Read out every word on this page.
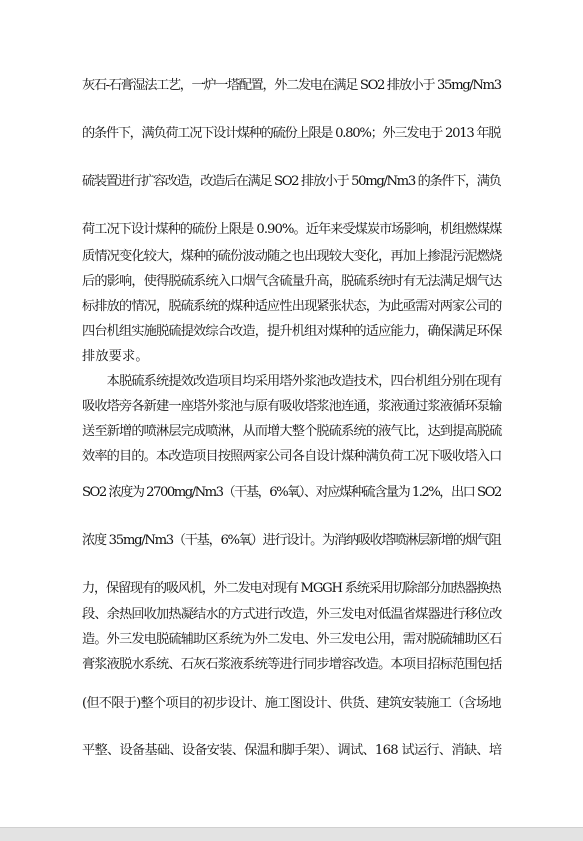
灰石-石膏湿法工艺，一炉一塔配置，外二发电在满足 SO2 排放小于 35mg/Nm3
的条件下，满负荷工况下设计煤种的硫份上限是 0.80%；外三发电于 2013 年脱
硫装置进行扩容改造，改造后在满足 SO2 排放小于 50mg/Nm3 的条件下，满负
荷工况下设计煤种的硫份上限是 0.90%。近年来受煤炭市场影响，机组燃煤煤
质情况变化较大，煤种的硫份波动随之也出现较大变化，再加上掺混污泥燃烧
后的影响，使得脱硫系统入口烟气含硫量升高，脱硫系统时有无法满足烟气达
标排放的情况，脱硫系统的煤种适应性出现紧张状态，为此亟需对两家公司的
四台机组实施脱硫提效综合改造，提升机组对煤种的适应能力，确保满足环保
排放要求。
　　本脱硫系统提效改造项目均采用塔外浆池改造技术，四台机组分别在现有
吸收塔旁各新建一座塔外浆池与原有吸收塔浆池连通，浆液通过浆液循环泵输
送至新增的喷淋层完成喷淋，从而增大整个脱硫系统的液气比，达到提高脱硫
效率的目的。本改造项目按照两家公司各自设计煤种满负荷工况下吸收塔入口
SO2 浓度为 2700mg/Nm3（干基，6%氧）、对应煤种硫含量为 1.2%，出口 SO2
浓度 35mg/Nm3（干基，6%氧）进行设计。为消纳吸收塔喷淋层新增的烟气阻
力，保留现有的吸风机，外二发电对现有 MGGH 系统采用切除部分加热器换热
段、余热回收加热凝结水的方式进行改造，外三发电对低温省煤器进行移位改
造。外三发电脱硫辅助区系统为外二发电、外三发电公用，需对脱硫辅助区石
膏浆液脱水系统、石灰石浆液系统等进行同步增容改造。本项目招标范围包括
(但不限于)整个项目的初步设计、施工图设计、供货、建筑安装施工（含场地
平整、设备基础、设备安装、保温和脚手架）、调试、168 试运行、消缺、培
